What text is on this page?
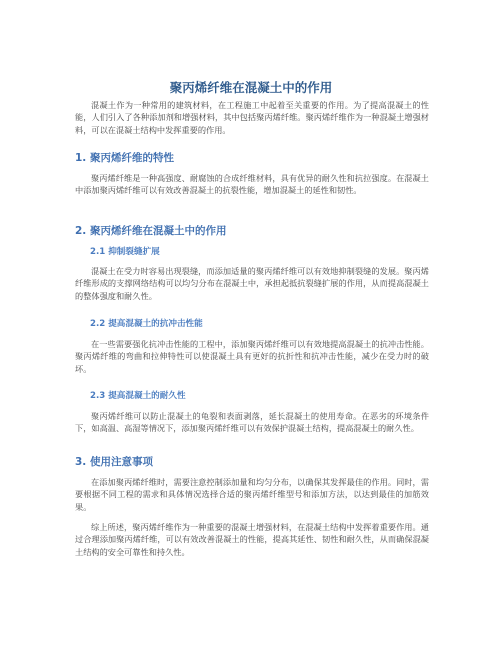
聚丙烯纤维在混凝土中的作用

混凝土作为一种常用的建筑材料，在工程施工中起着至关重要的作用。为了提高混凝土的性能，人们引入了各种添加剂和增强材料，其中包括聚丙烯纤维。聚丙烯纤维作为一种混凝土增强材料，可以在混凝土结构中发挥重要的作用。

1. 聚丙烯纤维的特性

聚丙烯纤维是一种高强度、耐腐蚀的合成纤维材料，具有优异的耐久性和抗拉强度。在混凝土中添加聚丙烯纤维可以有效改善混凝土的抗裂性能，增加混凝土的延性和韧性。

2. 聚丙烯纤维在混凝土中的作用
2.1 抑制裂缝扩展

混凝土在受力时容易出现裂缝，而添加适量的聚丙烯纤维可以有效地抑制裂缝的发展。聚丙烯纤维形成的支撑网络结构可以均匀分布在混凝土中，承担起抵抗裂缝扩展的作用，从而提高混凝土的整体强度和耐久性。

2.2 提高混凝土的抗冲击性能

在一些需要强化抗冲击性能的工程中，添加聚丙烯纤维可以有效地提高混凝土的抗冲击性能。聚丙烯纤维的弯曲和拉伸特性可以使混凝土具有更好的抗折性和抗冲击性能，减少在受力时的破坏。

2.3 提高混凝土的耐久性

聚丙烯纤维可以防止混凝土的龟裂和表面剥落，延长混凝土的使用寿命。在恶劣的环境条件下，如高温、高湿等情况下，添加聚丙烯纤维可以有效保护混凝土结构，提高混凝土的耐久性。

3. 使用注意事项

在添加聚丙烯纤维时，需要注意控制添加量和均匀分布，以确保其发挥最佳的作用。同时，需要根据不同工程的需求和具体情况选择合适的聚丙烯纤维型号和添加方法，以达到最佳的加筋效果。

综上所述，聚丙烯纤维作为一种重要的混凝土增强材料，在混凝土结构中发挥着重要作用。通过合理添加聚丙烯纤维，可以有效改善混凝土的性能，提高其延性、韧性和耐久性，从而确保混凝土结构的安全可靠性和持久性。
